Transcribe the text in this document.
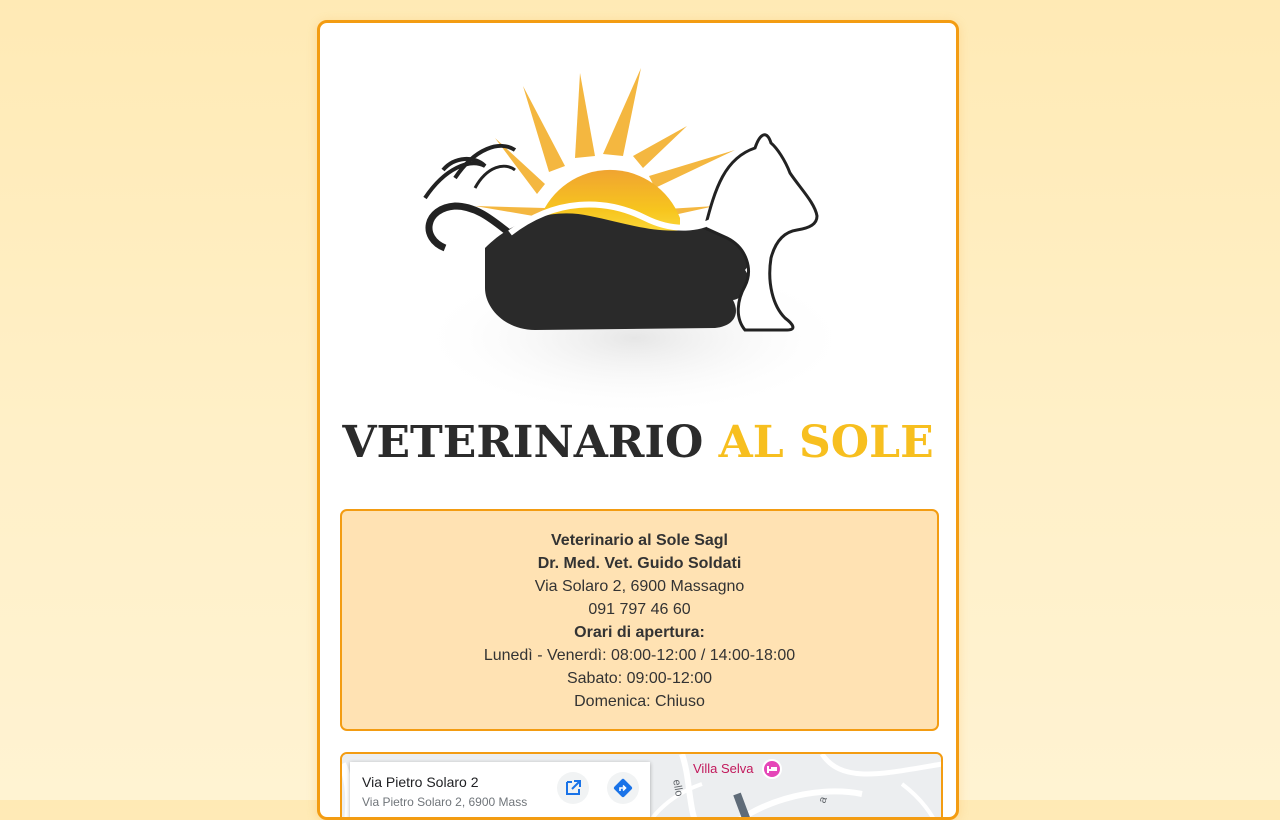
VETERINARIO AL SOLE
Veterinario al Sole Sagl
Dr. Med. Vet. Guido Soldati
Via Solaro 2, 6900 Massagno
091 797 46 60
Orari di apertura:
Lunedì - Venerdì: 08:00-12:00 / 14:00-18:00
Sabato: 09:00-12:00
Domenica: Chiuso
Via Pietro Solaro 2
Via Pietro Solaro 2, 6900 Mass
Villa Selva
ello
a
